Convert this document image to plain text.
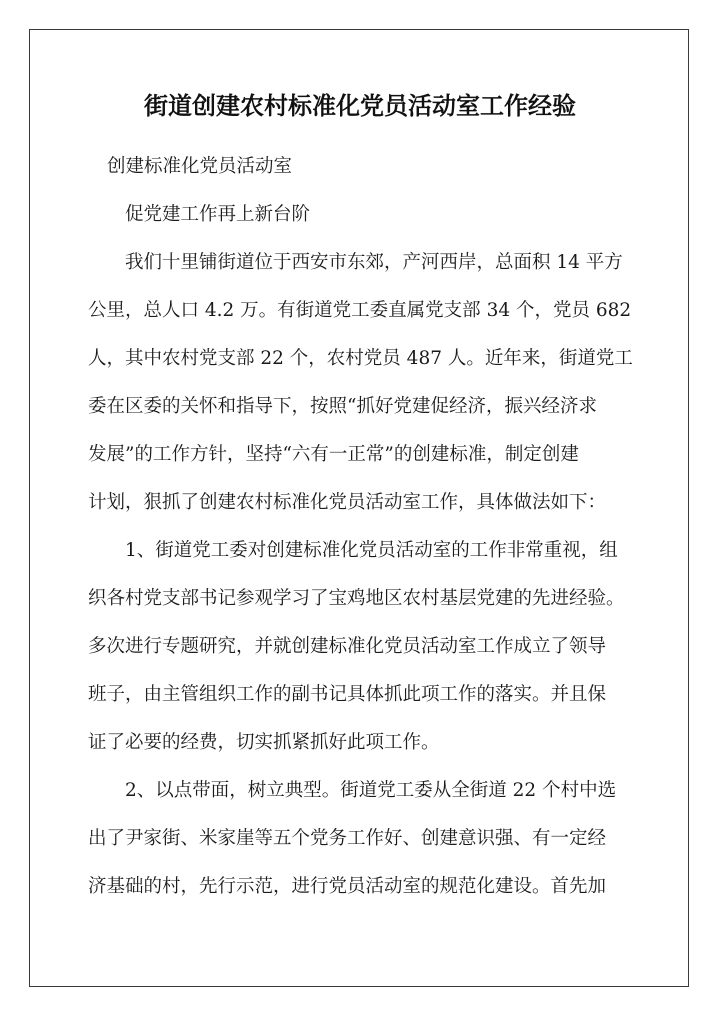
街道创建农村标准化党员活动室工作经验
创建标准化党员活动室
促党建工作再上新台阶
我们十里铺街道位于西安市东郊，产河西岸，总面积 14 平方
公里，总人口 4.2 万。有街道党工委直属党支部 34 个，党员 682
人，其中农村党支部 22 个，农村党员 487 人。近年来，街道党工
委在区委的关怀和指导下，按照“抓好党建促经济，振兴经济求
发展”的工作方针，坚持“六有一正常”的创建标准，制定创建
计划，狠抓了创建农村标准化党员活动室工作，具体做法如下：
1、街道党工委对创建标准化党员活动室的工作非常重视，组
织各村党支部书记参观学习了宝鸡地区农村基层党建的先进经验。
多次进行专题研究，并就创建标准化党员活动室工作成立了领导
班子，由主管组织工作的副书记具体抓此项工作的落实。并且保
证了必要的经费，切实抓紧抓好此项工作。
2、以点带面，树立典型。街道党工委从全街道 22 个村中选
出了尹家街、米家崖等五个党务工作好、创建意识强、有一定经
济基础的村，先行示范，进行党员活动室的规范化建设。首先加
